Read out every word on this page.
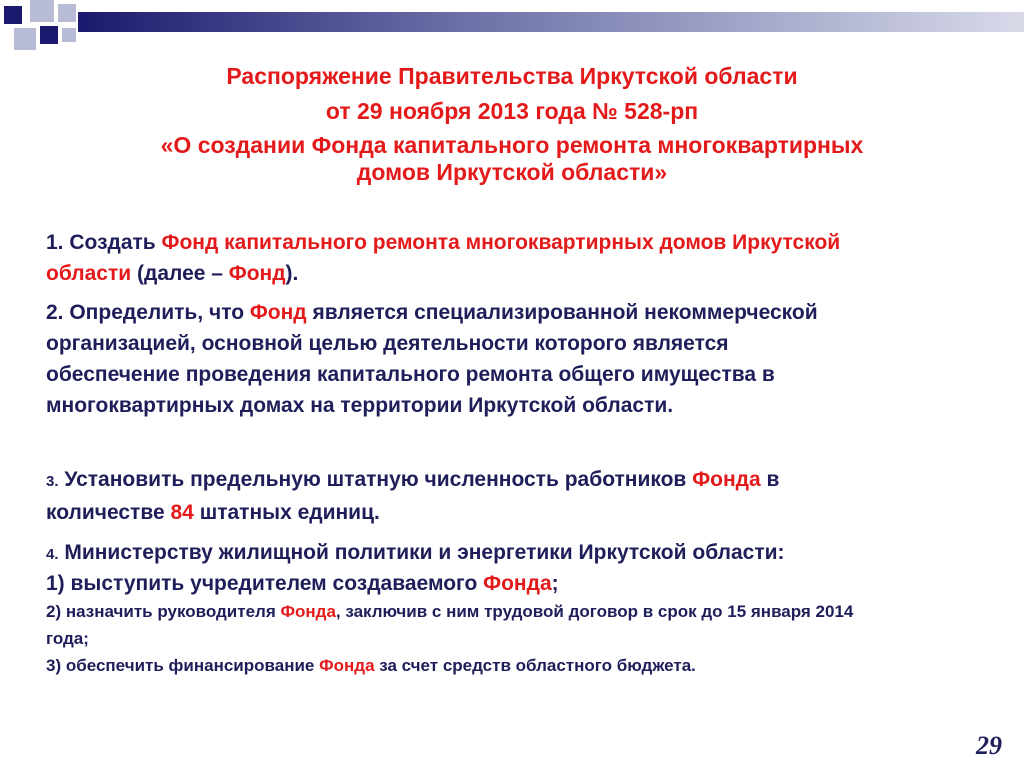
Распоряжение Правительства Иркутской области
от 29 ноября 2013 года № 528-рп
«О создании Фонда капитального ремонта многоквартирных
домов Иркутской области»
1. Создать Фонд капитального ремонта многоквартирных домов Иркутской области (далее – Фонд).
2. Определить, что Фонд является специализированной некоммерческой организацией, основной целью деятельности которого является обеспечение проведения капитального ремонта общего имущества в многоквартирных домах на территории Иркутской области.
3. Установить предельную штатную численность работников Фонда в количестве 84 штатных единиц.
4. Министерству жилищной политики и энергетики Иркутской области:
1) выступить учредителем создаваемого Фонда;
2) назначить руководителя Фонда, заключив с ним трудовой договор в срок до 15 января 2014 года;
3) обеспечить финансирование Фонда за счет средств областного бюджета.
29
